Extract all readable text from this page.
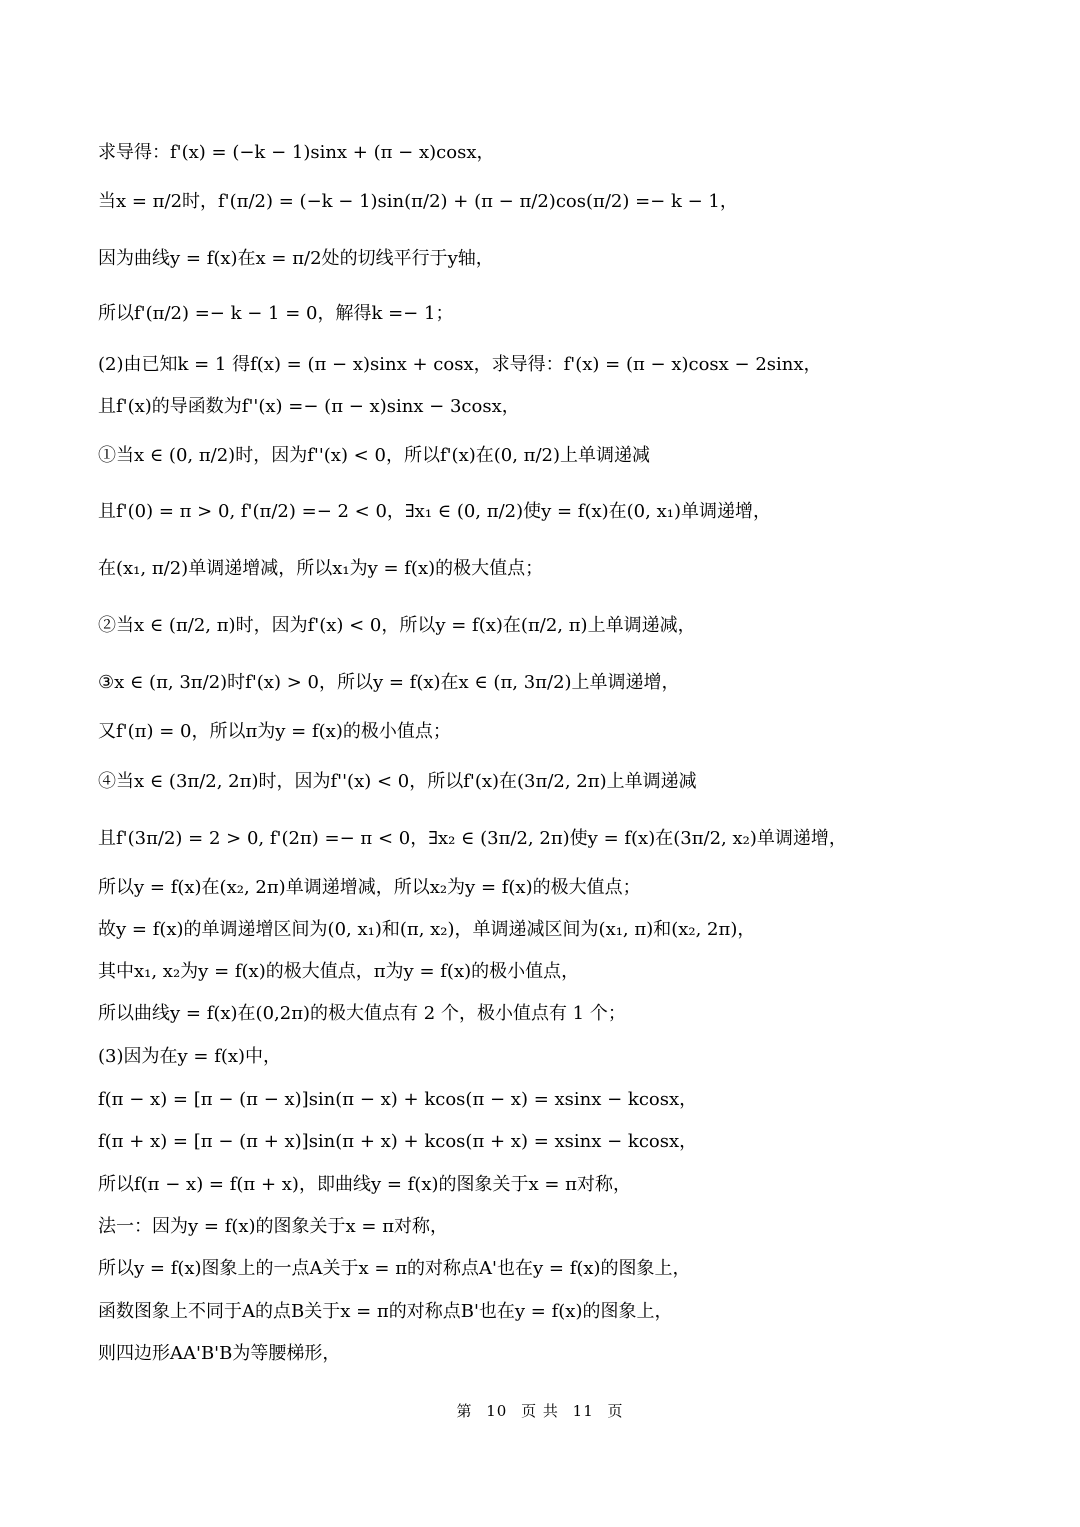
求导得：f'(x) = (−k − 1)sinx + (π − x)cosx，
当x = π/2时，f'(π/2) = (−k − 1)sin(π/2) + (π − π/2)cos(π/2) =− k − 1，
因为曲线y = f(x)在x = π/2处的切线平行于y轴，
所以f'(π/2) =− k − 1 = 0，解得k =− 1；
(2)由已知k = 1 得f(x) = (π − x)sinx + cosx，求导得：f'(x) = (π − x)cosx − 2sinx，
且f'(x)的导函数为f''(x) =− (π − x)sinx − 3cosx，
①当x ∈ (0, π/2)时，因为f''(x) < 0，所以f'(x)在(0, π/2)上单调递减
且f'(0) = π > 0, f'(π/2) =− 2 < 0，∃x₁ ∈ (0, π/2)使y = f(x)在(0, x₁)单调递增，
在(x₁, π/2)单调递增减，所以x₁为y = f(x)的极大值点；
②当x ∈ (π/2, π)时，因为f'(x) < 0，所以y = f(x)在(π/2, π)上单调递减，
③x ∈ (π, 3π/2)时f'(x) > 0，所以y = f(x)在x ∈ (π, 3π/2)上单调递增，
又f'(π) = 0，所以π为y = f(x)的极小值点；
④当x ∈ (3π/2, 2π)时，因为f''(x) < 0，所以f'(x)在(3π/2, 2π)上单调递减
且f'(3π/2) = 2 > 0, f'(2π) =− π < 0，∃x₂ ∈ (3π/2, 2π)使y = f(x)在(3π/2, x₂)单调递增，
所以y = f(x)在(x₂, 2π)单调递增减，所以x₂为y = f(x)的极大值点；
故y = f(x)的单调递增区间为(0, x₁)和(π, x₂)，单调递减区间为(x₁, π)和(x₂, 2π)，
其中x₁, x₂为y = f(x)的极大值点，π为y = f(x)的极小值点，
所以曲线y = f(x)在(0,2π)的极大值点有 2 个，极小值点有 1 个；
(3)因为在y = f(x)中，
f(π − x) = [π − (π − x)]sin(π − x) + kcos(π − x) = xsinx − kcosx，
f(π + x) = [π − (π + x)]sin(π + x) + kcos(π + x) = xsinx − kcosx，
所以f(π − x) = f(π + x)，即曲线y = f(x)的图象关于x = π对称，
法一：因为y = f(x)的图象关于x = π对称，
所以y = f(x)图象上的一点A关于x = π的对称点A'也在y = f(x)的图象上，
函数图象上不同于A的点B关于x = π的对称点B'也在y = f(x)的图象上，
则四边形AA'B'B为等腰梯形，
第 10 页 共 11 页
